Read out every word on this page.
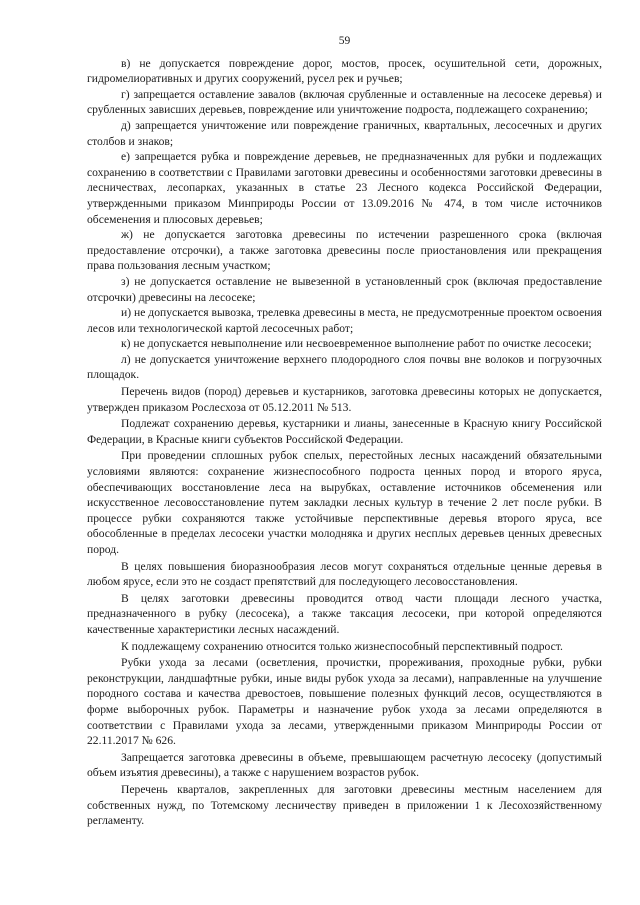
59

в) не допускается повреждение дорог, мостов, просек, осушительной сети, дорожных, гидромелиоративных и других сооружений, русел рек и ручьев;

г) запрещается оставление завалов (включая срубленные и оставленные на лесосеке деревья) и срубленных зависших деревьев, повреждение или уничтожение подроста, подлежащего сохранению;

д) запрещается уничтожение или повреждение граничных, квартальных, лесосечных и других столбов и знаков;

е) запрещается рубка и повреждение деревьев, не предназначенных для рубки и подлежащих сохранению в соответствии с Правилами заготовки древесины и особенностями заготовки древесины в лесничествах, лесопарках, указанных в статье 23 Лесного кодекса Российской Федерации, утвержденными приказом Минприроды России от 13.09.2016 № 474, в том числе источников обсеменения и плюсовых деревьев;

ж) не допускается заготовка древесины по истечении разрешенного срока (включая предоставление отсрочки), а также заготовка древесины после приостановления или прекращения права пользования лесным участком;

з) не допускается оставление не вывезенной в установленный срок (включая предоставление отсрочки) древесины на лесосеке;

и) не допускается вывозка, трелевка древесины в места, не предусмотренные проектом освоения лесов или технологической картой лесосечных работ;

к) не допускается невыполнение или несвоевременное выполнение работ по очистке лесосеки;

л) не допускается уничтожение верхнего плодородного слоя почвы вне волоков и погрузочных площадок.

Перечень видов (пород) деревьев и кустарников, заготовка древесины которых не допускается, утвержден приказом Рослесхоза от 05.12.2011 № 513.

Подлежат сохранению деревья, кустарники и лианы, занесенные в Красную книгу Российской Федерации, в Красные книги субъектов Российской Федерации.

При проведении сплошных рубок спелых, перестойных лесных насаждений обязательными условиями являются: сохранение жизнеспособного подроста ценных пород и второго яруса, обеспечивающих восстановление леса на вырубках, оставление источников обсеменения или искусственное лесовосстановление путем закладки лесных культур в течение 2 лет после рубки. В процессе рубки сохраняются также устойчивые перспективные деревья второго яруса, все обособленные в пределах лесосеки участки молодняка и других несплых деревьев ценных древесных пород.

В целях повышения биоразнообразия лесов могут сохраняться отдельные ценные деревья в любом ярусе, если это не создаст препятствий для последующего лесовосстановления.

В целях заготовки древесины проводится отвод части площади лесного участка, предназначенного в рубку (лесосека), а также таксация лесосеки, при которой определяются качественные характеристики лесных насаждений.

К подлежащему сохранению относится только жизнеспособный перспективный подрост.

Рубки ухода за лесами (осветления, прочистки, прореживания, проходные рубки, рубки реконструкции, ландшафтные рубки, иные виды рубок ухода за лесами), направленные на улучшение породного состава и качества древостоев, повышение полезных функций лесов, осуществляются в форме выборочных рубок. Параметры и назначение рубок ухода за лесами определяются в соответствии с Правилами ухода за лесами, утвержденными приказом Минприроды России от 22.11.2017 № 626.

Запрещается заготовка древесины в объеме, превышающем расчетную лесосеку (допустимый объем изъятия древесины), а также с нарушением возрастов рубок.

Перечень кварталов, закрепленных для заготовки древесины местным населением для собственных нужд, по Тотемскому лесничеству приведен в приложении 1 к Лесохозяйственному регламенту.
